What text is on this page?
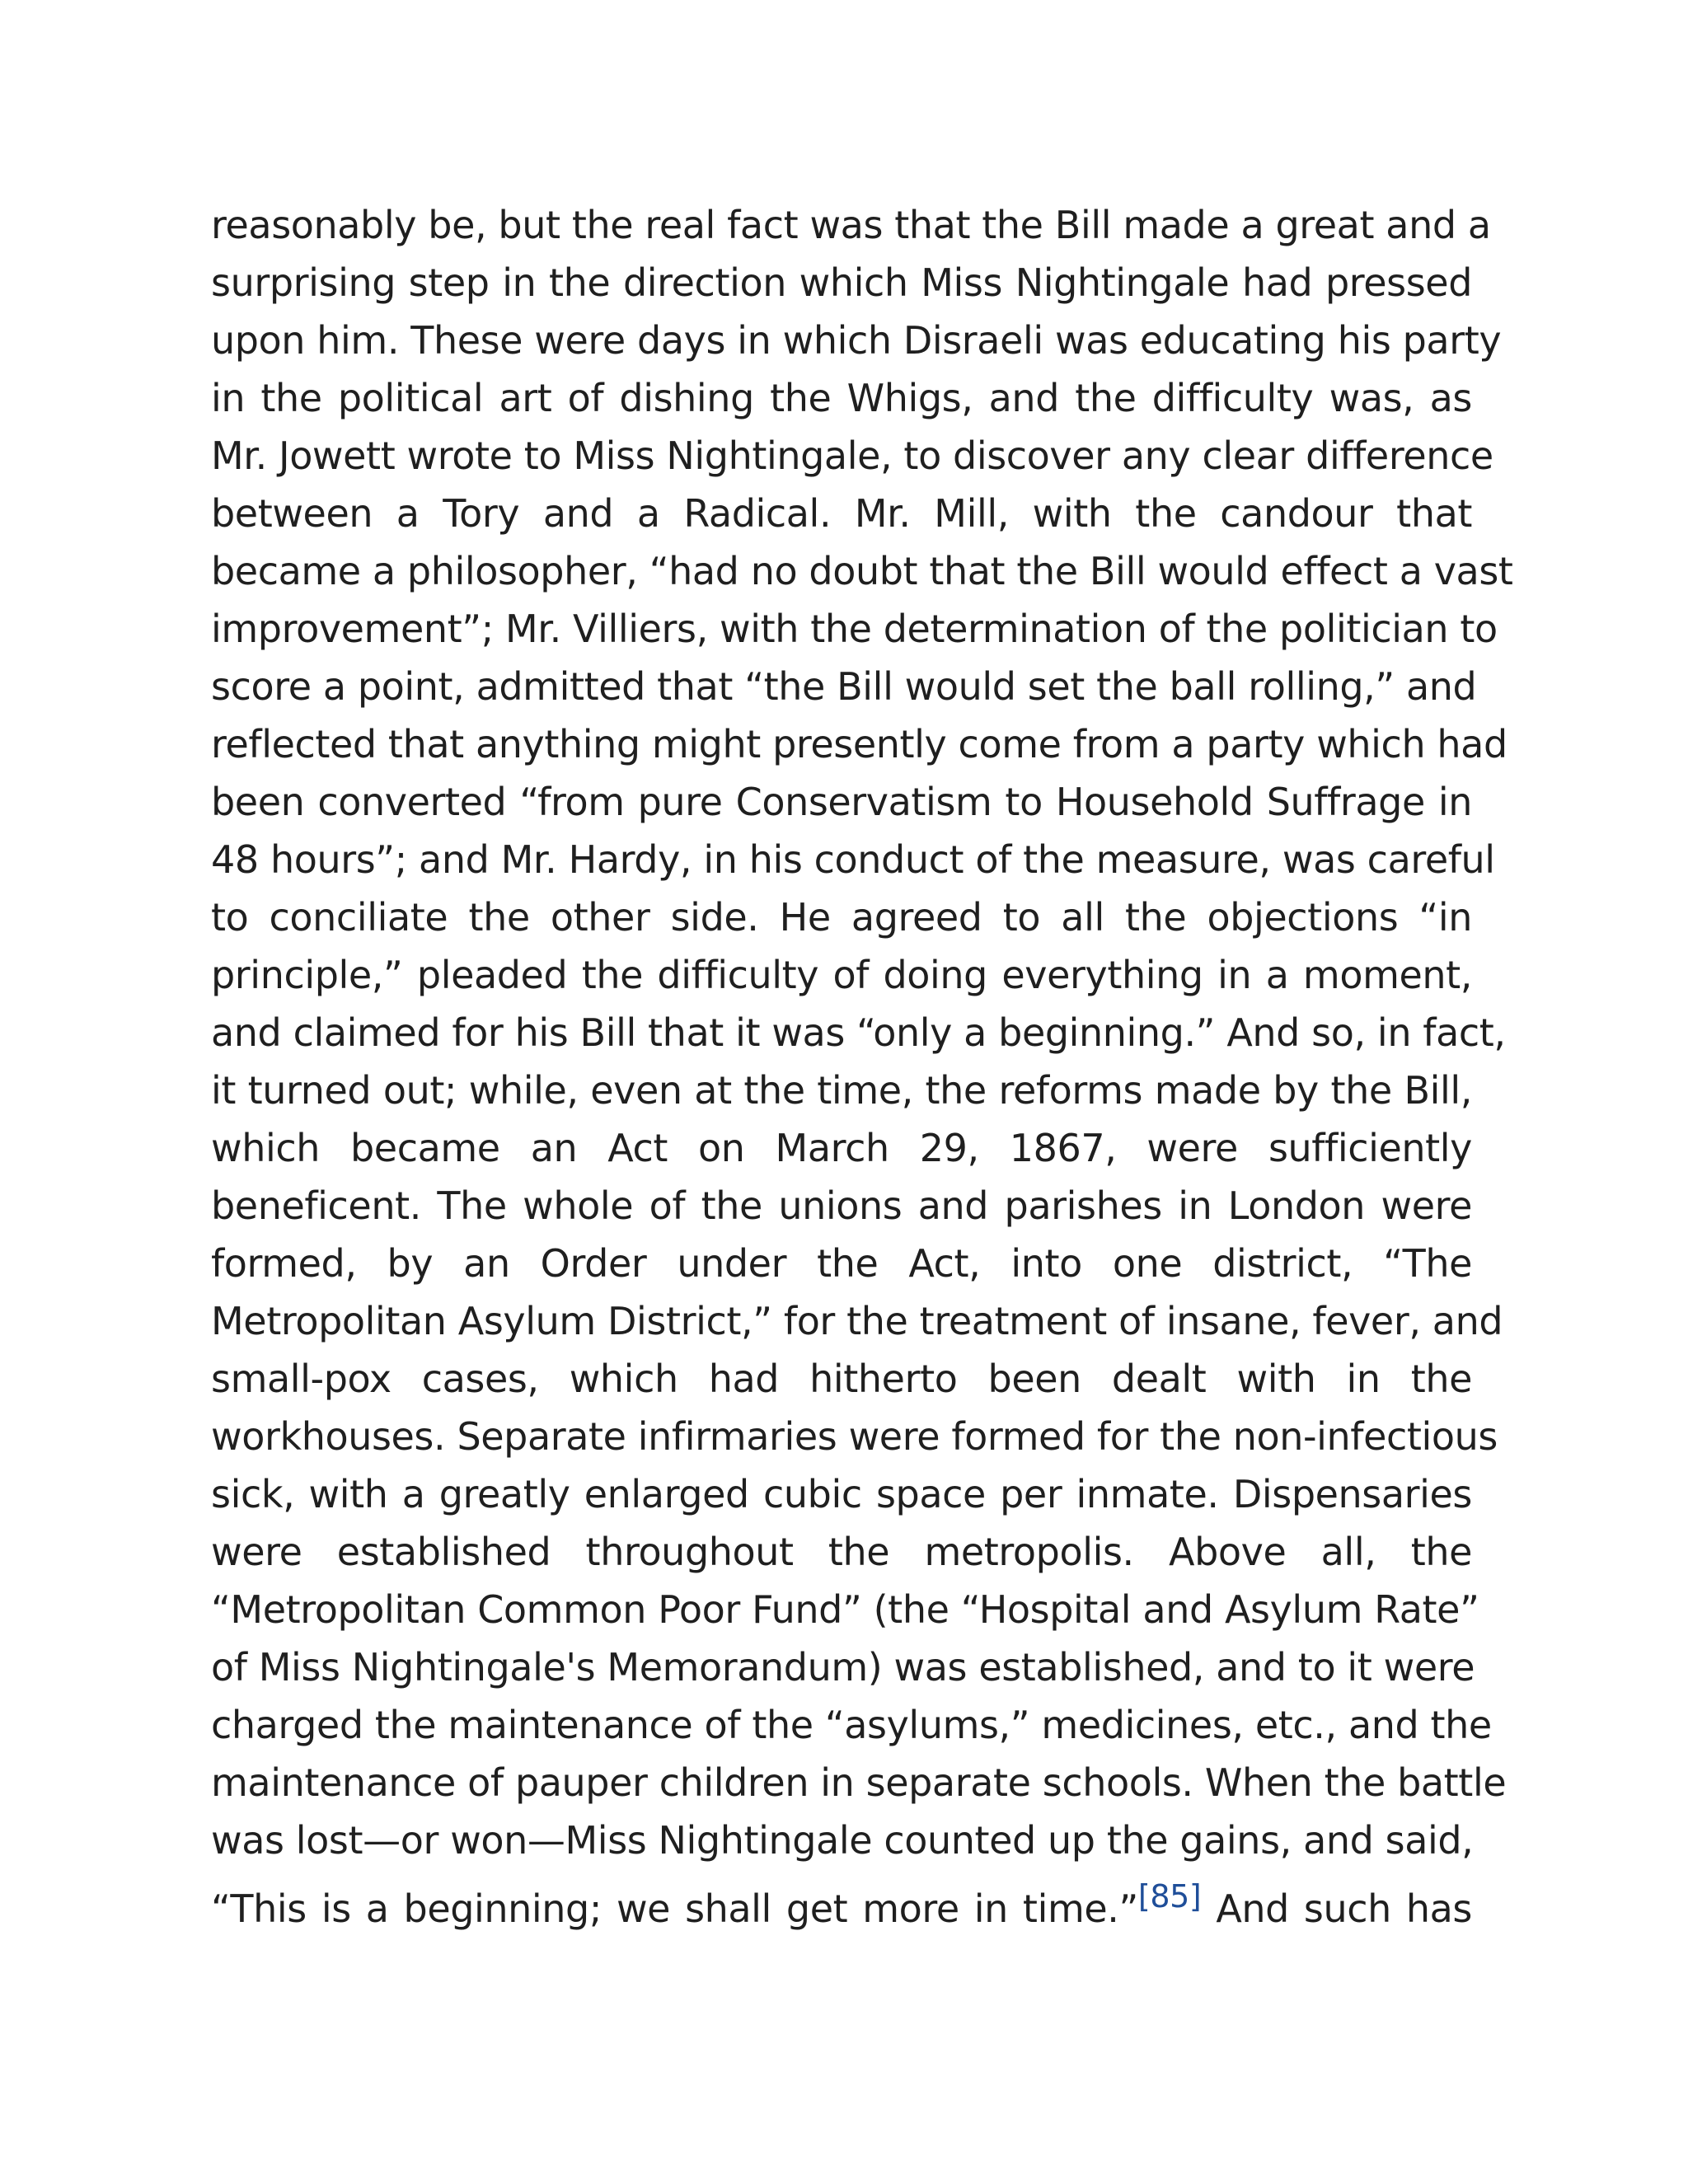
reasonably be, but the real fact was that the Bill made a great and a
surprising step in the direction which Miss Nightingale had pressed
upon him. These were days in which Disraeli was educating his party
in the political art of dishing the Whigs, and the difficulty was, as
Mr. Jowett wrote to Miss Nightingale, to discover any clear difference
between a Tory and a Radical. Mr. Mill, with the candour that
became a philosopher, “had no doubt that the Bill would effect a vast
improvement”; Mr. Villiers, with the determination of the politician to
score a point, admitted that “the Bill would set the ball rolling,” and
reflected that anything might presently come from a party which had
been converted “from pure Conservatism to Household Suffrage in
48 hours”; and Mr. Hardy, in his conduct of the measure, was careful
to conciliate the other side. He agreed to all the objections “in
principle,” pleaded the difficulty of doing everything in a moment,
and claimed for his Bill that it was “only a beginning.” And so, in fact,
it turned out; while, even at the time, the reforms made by the Bill,
which became an Act on March 29, 1867, were sufficiently
beneficent. The whole of the unions and parishes in London were
formed, by an Order under the Act, into one district, “The
Metropolitan Asylum District,” for the treatment of insane, fever, and
small-pox cases, which had hitherto been dealt with in the
workhouses. Separate infirmaries were formed for the non-infectious
sick, with a greatly enlarged cubic space per inmate. Dispensaries
were established throughout the metropolis. Above all, the
“Metropolitan Common Poor Fund” (the “Hospital and Asylum Rate”
of Miss Nightingale's Memorandum) was established, and to it were
charged the maintenance of the “asylums,” medicines, etc., and the
maintenance of pauper children in separate schools. When the battle
was lost—or won—Miss Nightingale counted up the gains, and said,
“This is a beginning; we shall get more in time.”[85] And such has
